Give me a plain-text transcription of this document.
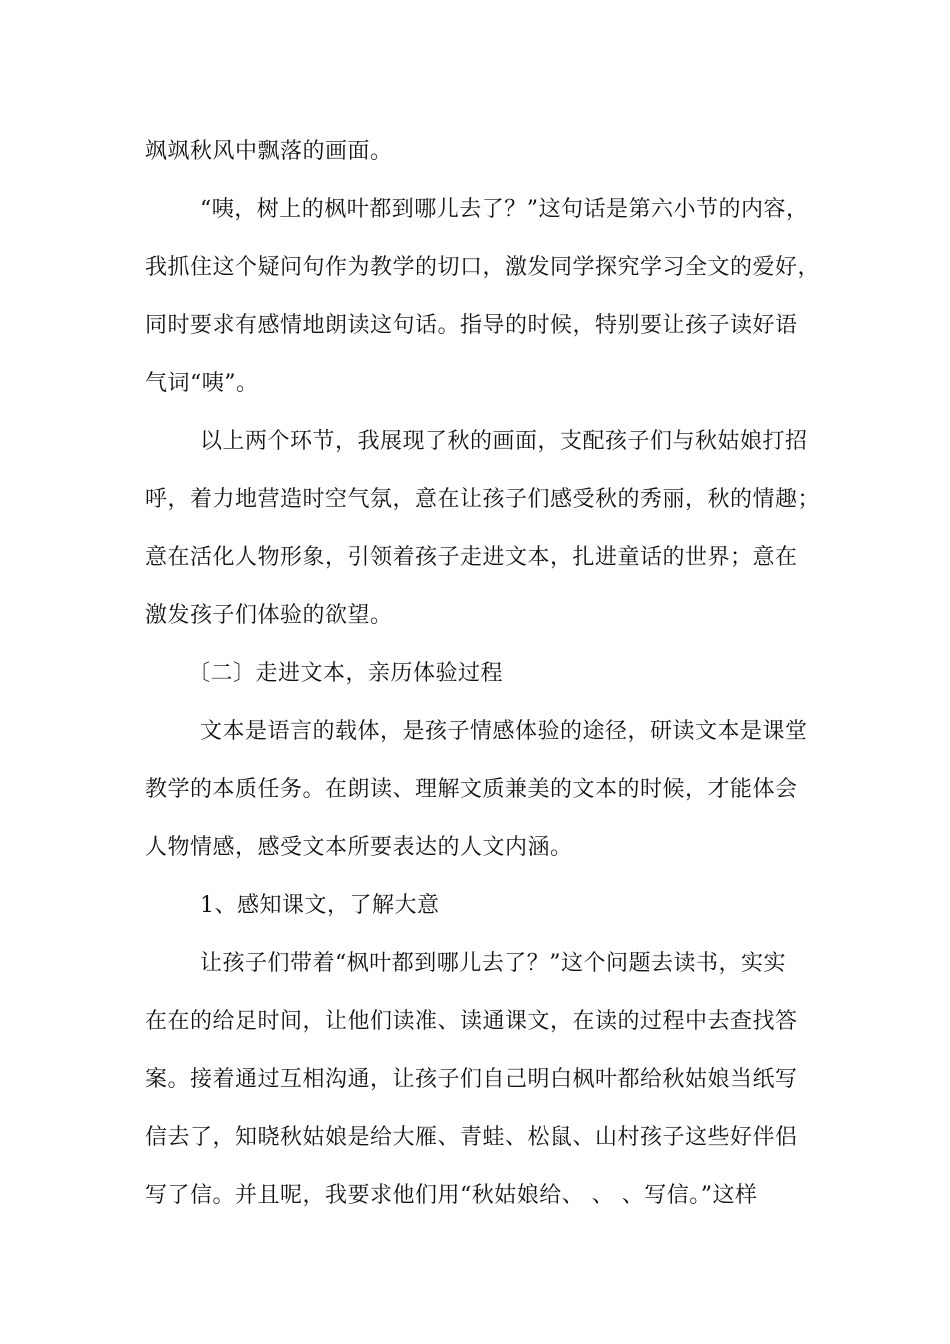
飒飒秋风中飘落的画面。
“咦，树上的枫叶都到哪儿去了？”这句话是第六小节的内容，
我抓住这个疑问句作为教学的切口，激发同学探究学习全文的爱好，
同时要求有感情地朗读这句话。指导的时候，特别要让孩子读好语
气词“咦”。
以上两个环节，我展现了秋的画面，支配孩子们与秋姑娘打招
呼，着力地营造时空气氛，意在让孩子们感受秋的秀丽，秋的情趣；
意在活化人物形象，引领着孩子走进文本，扎进童话的世界；意在
激发孩子们体验的欲望。
〔二〕走进文本，亲历体验过程
文本是语言的载体，是孩子情感体验的途径，研读文本是课堂
教学的本质任务。在朗读、理解文质兼美的文本的时候，才能体会
人物情感，感受文本所要表达的人文内涵。
1、感知课文，了解大意
让孩子们带着“枫叶都到哪儿去了？”这个问题去读书，实实
在在的给足时间，让他们读准、读通课文，在读的过程中去查找答
案。接着通过互相沟通，让孩子们自己明白枫叶都给秋姑娘当纸写
信去了，知晓秋姑娘是给大雁、青蛙、松鼠、山村孩子这些好伴侣
写了信。并且呢，我要求他们用“秋姑娘给、 、 、写信。”这样
